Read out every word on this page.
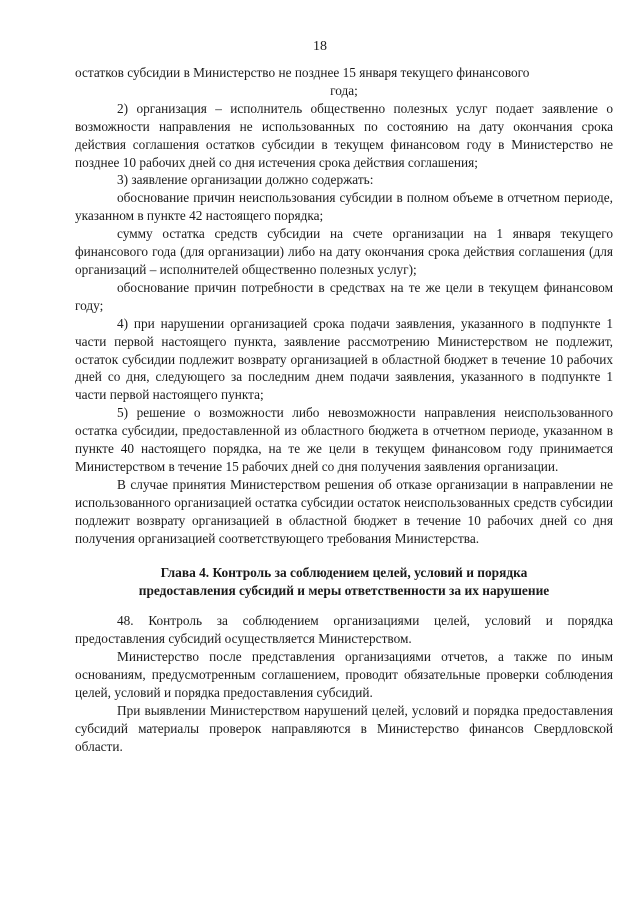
18

остатков субсидии в Министерство не позднее 15 января текущего финансового

года;

2) организация – исполнитель общественно полезных услуг подает заявление о возможности направления не использованных по состоянию на дату окончания срока действия соглашения остатков субсидии в текущем финансовом году в Министерство не позднее 10 рабочих дней со дня истечения срока действия соглашения;

3) заявление организации должно содержать:

обоснование причин неиспользования субсидии в полном объеме в отчетном периоде, указанном в пункте 42 настоящего порядка;

сумму остатка средств субсидии на счете организации на 1 января текущего финансового года (для организации) либо на дату окончания срока действия соглашения (для организаций – исполнителей общественно полезных услуг);

обоснование причин потребности в средствах на те же цели в текущем финансовом году;

4) при нарушении организацией срока подачи заявления, указанного в подпункте 1 части первой настоящего пункта, заявление рассмотрению Министерством не подлежит, остаток субсидии подлежит возврату организацией в областной бюджет в течение 10 рабочих дней со дня, следующего за последним днем подачи заявления, указанного в подпункте 1 части первой настоящего пункта;

5) решение о возможности либо невозможности направления неиспользованного остатка субсидии, предоставленной из областного бюджета в отчетном периоде, указанном в пункте 40 настоящего порядка, на те же цели в текущем финансовом году принимается Министерством в течение 15 рабочих дней со дня получения заявления организации.

В случае принятия Министерством решения об отказе организации в направлении не использованного организацией остатка субсидии остаток неиспользованных средств субсидии подлежит возврату организацией в областной бюджет в течение 10 рабочих дней со дня получения организацией соответствующего требования Министерства.

Глава 4. Контроль за соблюдением целей, условий и порядка
предоставления субсидий и меры ответственности за их нарушение

48. Контроль за соблюдением организациями целей, условий и порядка предоставления субсидий осуществляется Министерством.

Министерство после представления организациями отчетов, а также по иным основаниям, предусмотренным соглашением, проводит обязательные проверки соблюдения целей, условий и порядка предоставления субсидий.

При выявлении Министерством нарушений целей, условий и порядка предоставления субсидий материалы проверок направляются в Министерство финансов Свердловской области.
